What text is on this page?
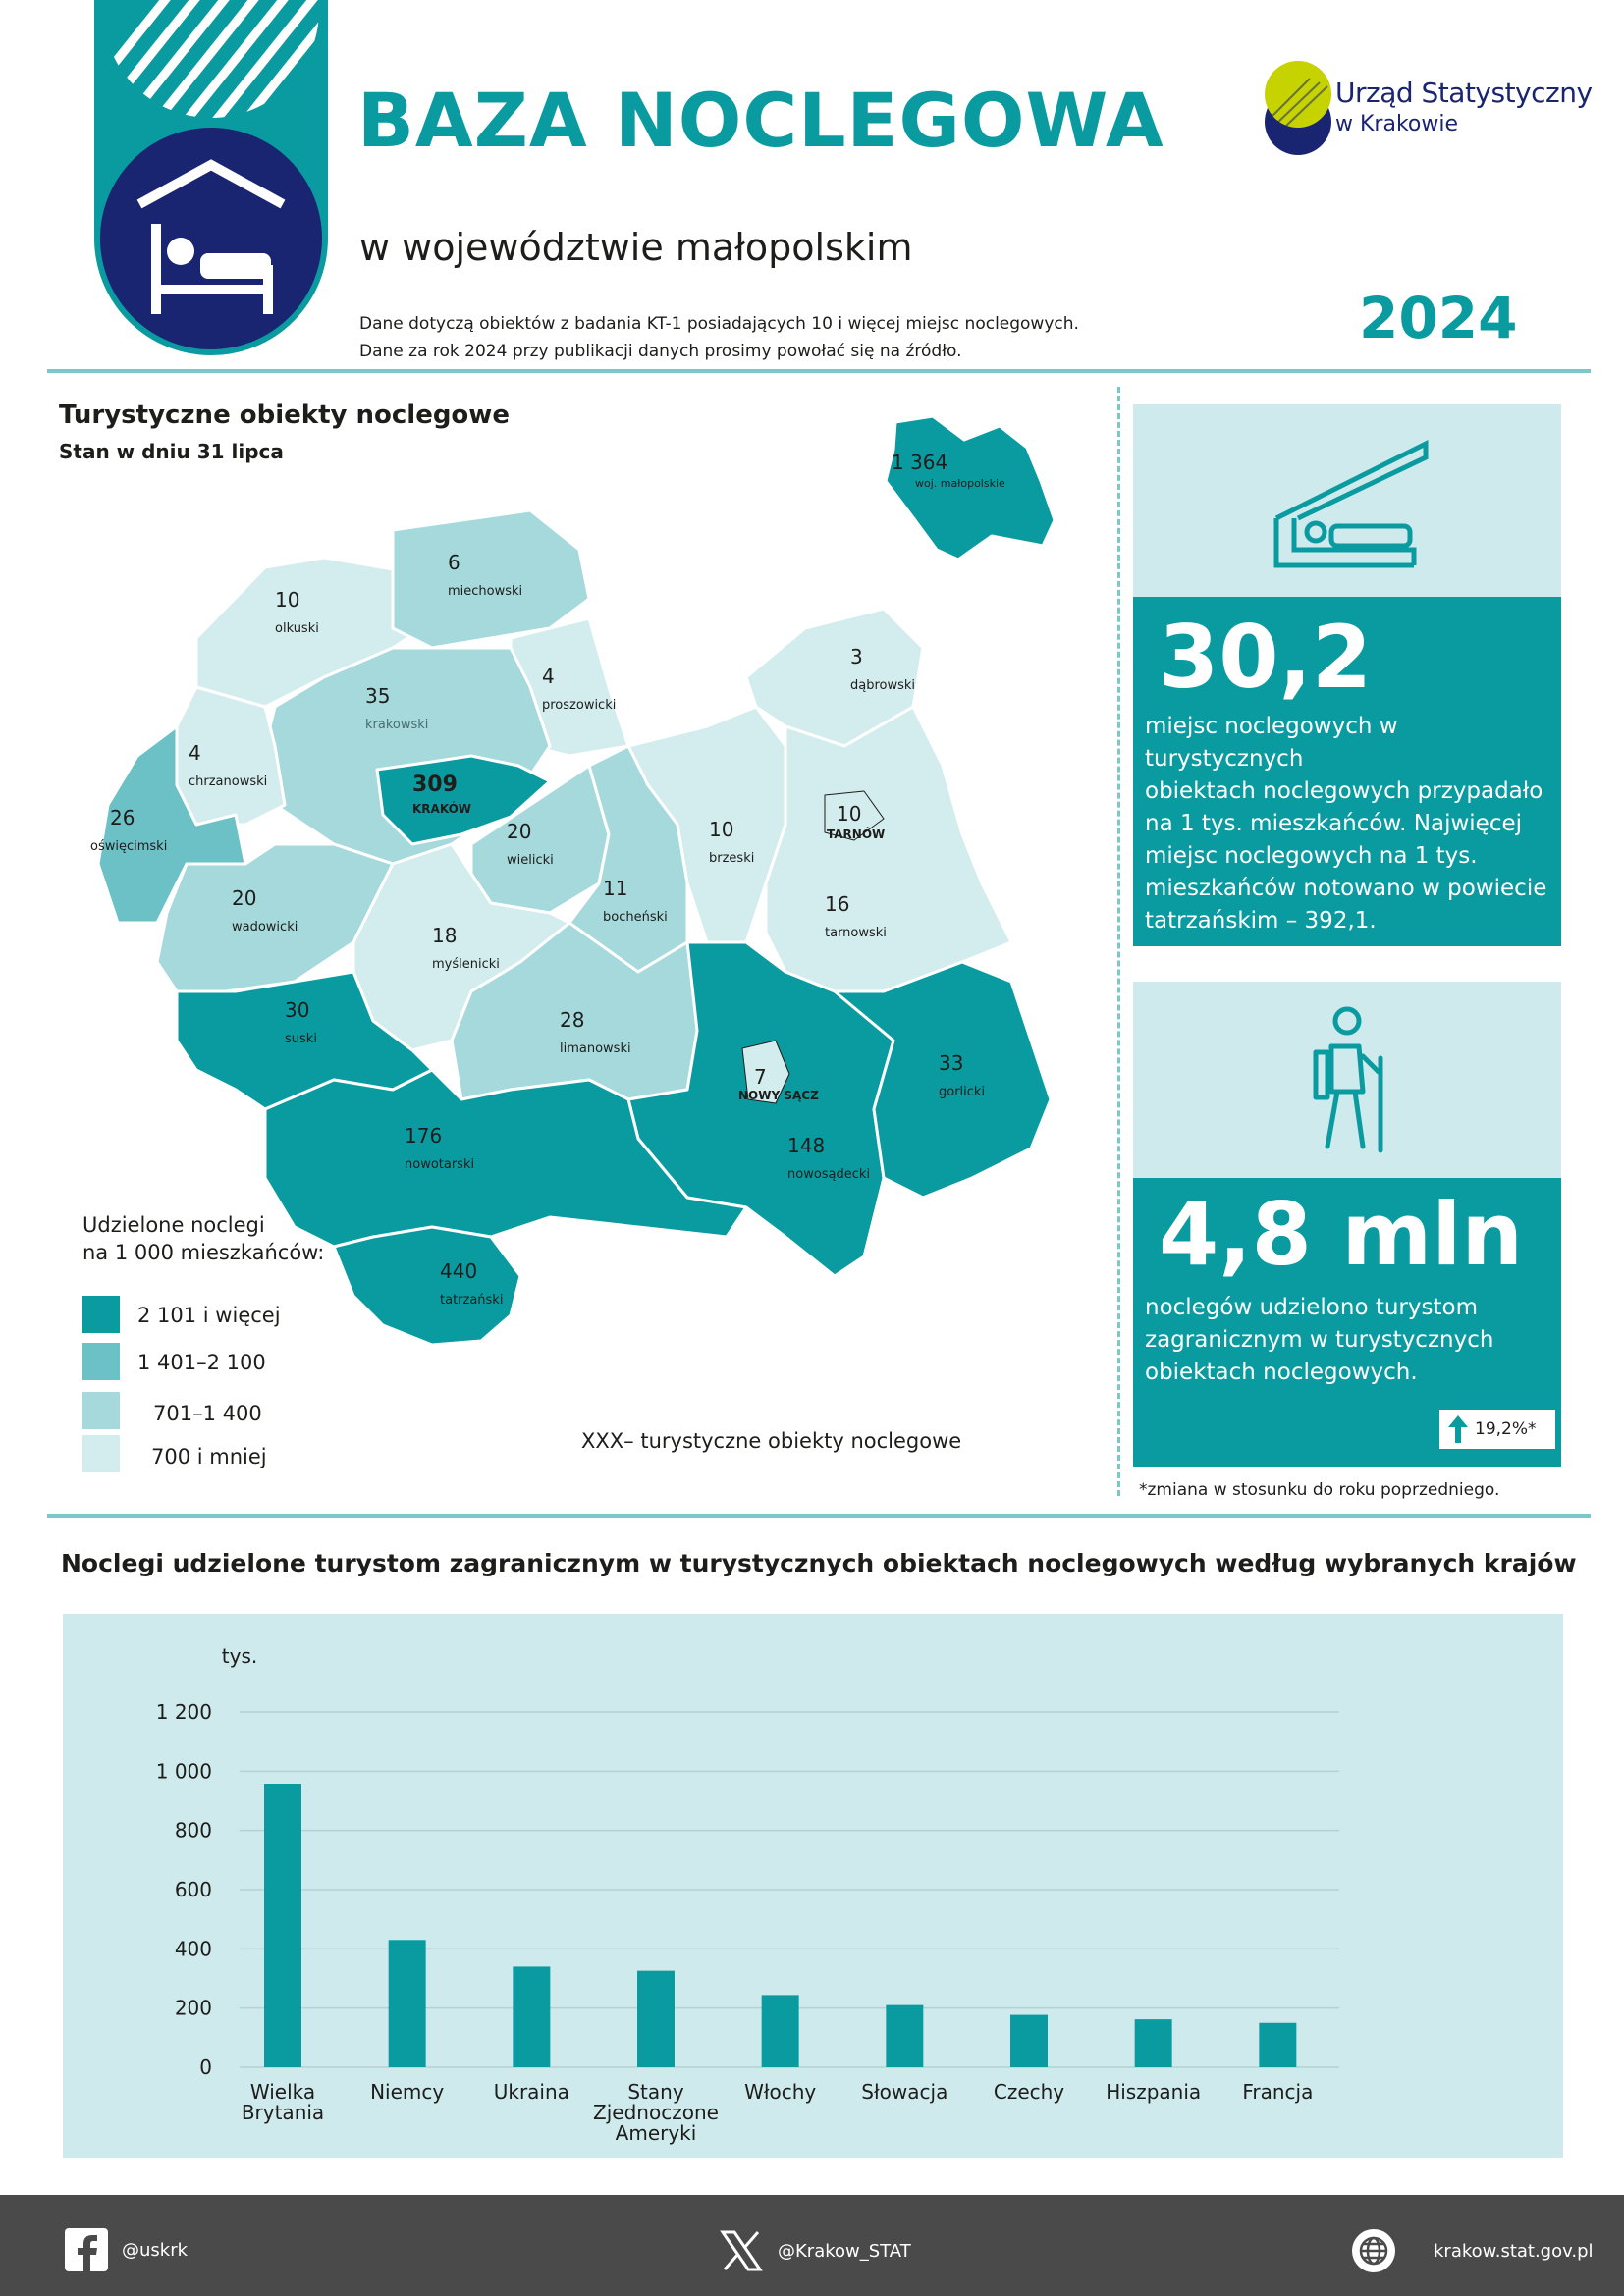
BAZA NOCLEGOWA
w województwie małopolskim
Dane dotyczą obiektów z badania KT-1 posiadających 10 i więcej miejsc noclegowych.
Dane za rok 2024 przy publikacji danych prosimy powołać się na źródło.	2024
Urząd Statystyczny
w Krakowie
Turystyczne obiekty noclegowe
Stan w dniu 31 lipca	1 364
woj. małopolskie
6
miechowski
10
olkuski
35
krakowski
4
proszowicki
3
dąbrowski
4
chrzanowski	309
KRAKÓW
26
oświęcimski
20
wielicki
10
brzeski
10
TARNÓW
11
bocheński
20
wadowicki
16
tarnowski
18
myślenicki
30
suski
28
limanowski
7
NOWY SĄCZ
33
gorlicki
176
nowotarski
148
nowosądecki
440
tatrzański
Udzielone noclegi
na 1 000 mieszkańców:
2 101 i więcej
1 401–2 100
701–1 400
700 i mniej
XXX– turystyczne obiekty noclegowe
30,2
miejsc noclegowych w turystycznych
obiektach noclegowych przypadało
na 1 tys. mieszkańców. Najwięcej
miejsc noclegowych na 1 tys.
mieszkańców notowano w powiecie
tatrzańskim – 392,1.
4,8 mln
noclegów udzielono turystom
zagranicznym w turystycznych
obiektach noclegowych.
19,2%*
*zmiana w stosunku do roku poprzedniego.
Noclegi udzielone turystom zagranicznym w turystycznych obiektach noclegowych według wybranych krajów
tys.
0
200
400
600
800
1 000
1 200
Wielka
Brytania
Niemcy	Ukraina	Stany
Zjednoczone
Ameryki
Włochy Słowacja Czechy Hiszpania Francja
@uskrk	@Krakow_STAT	krakow.stat.gov.pl
